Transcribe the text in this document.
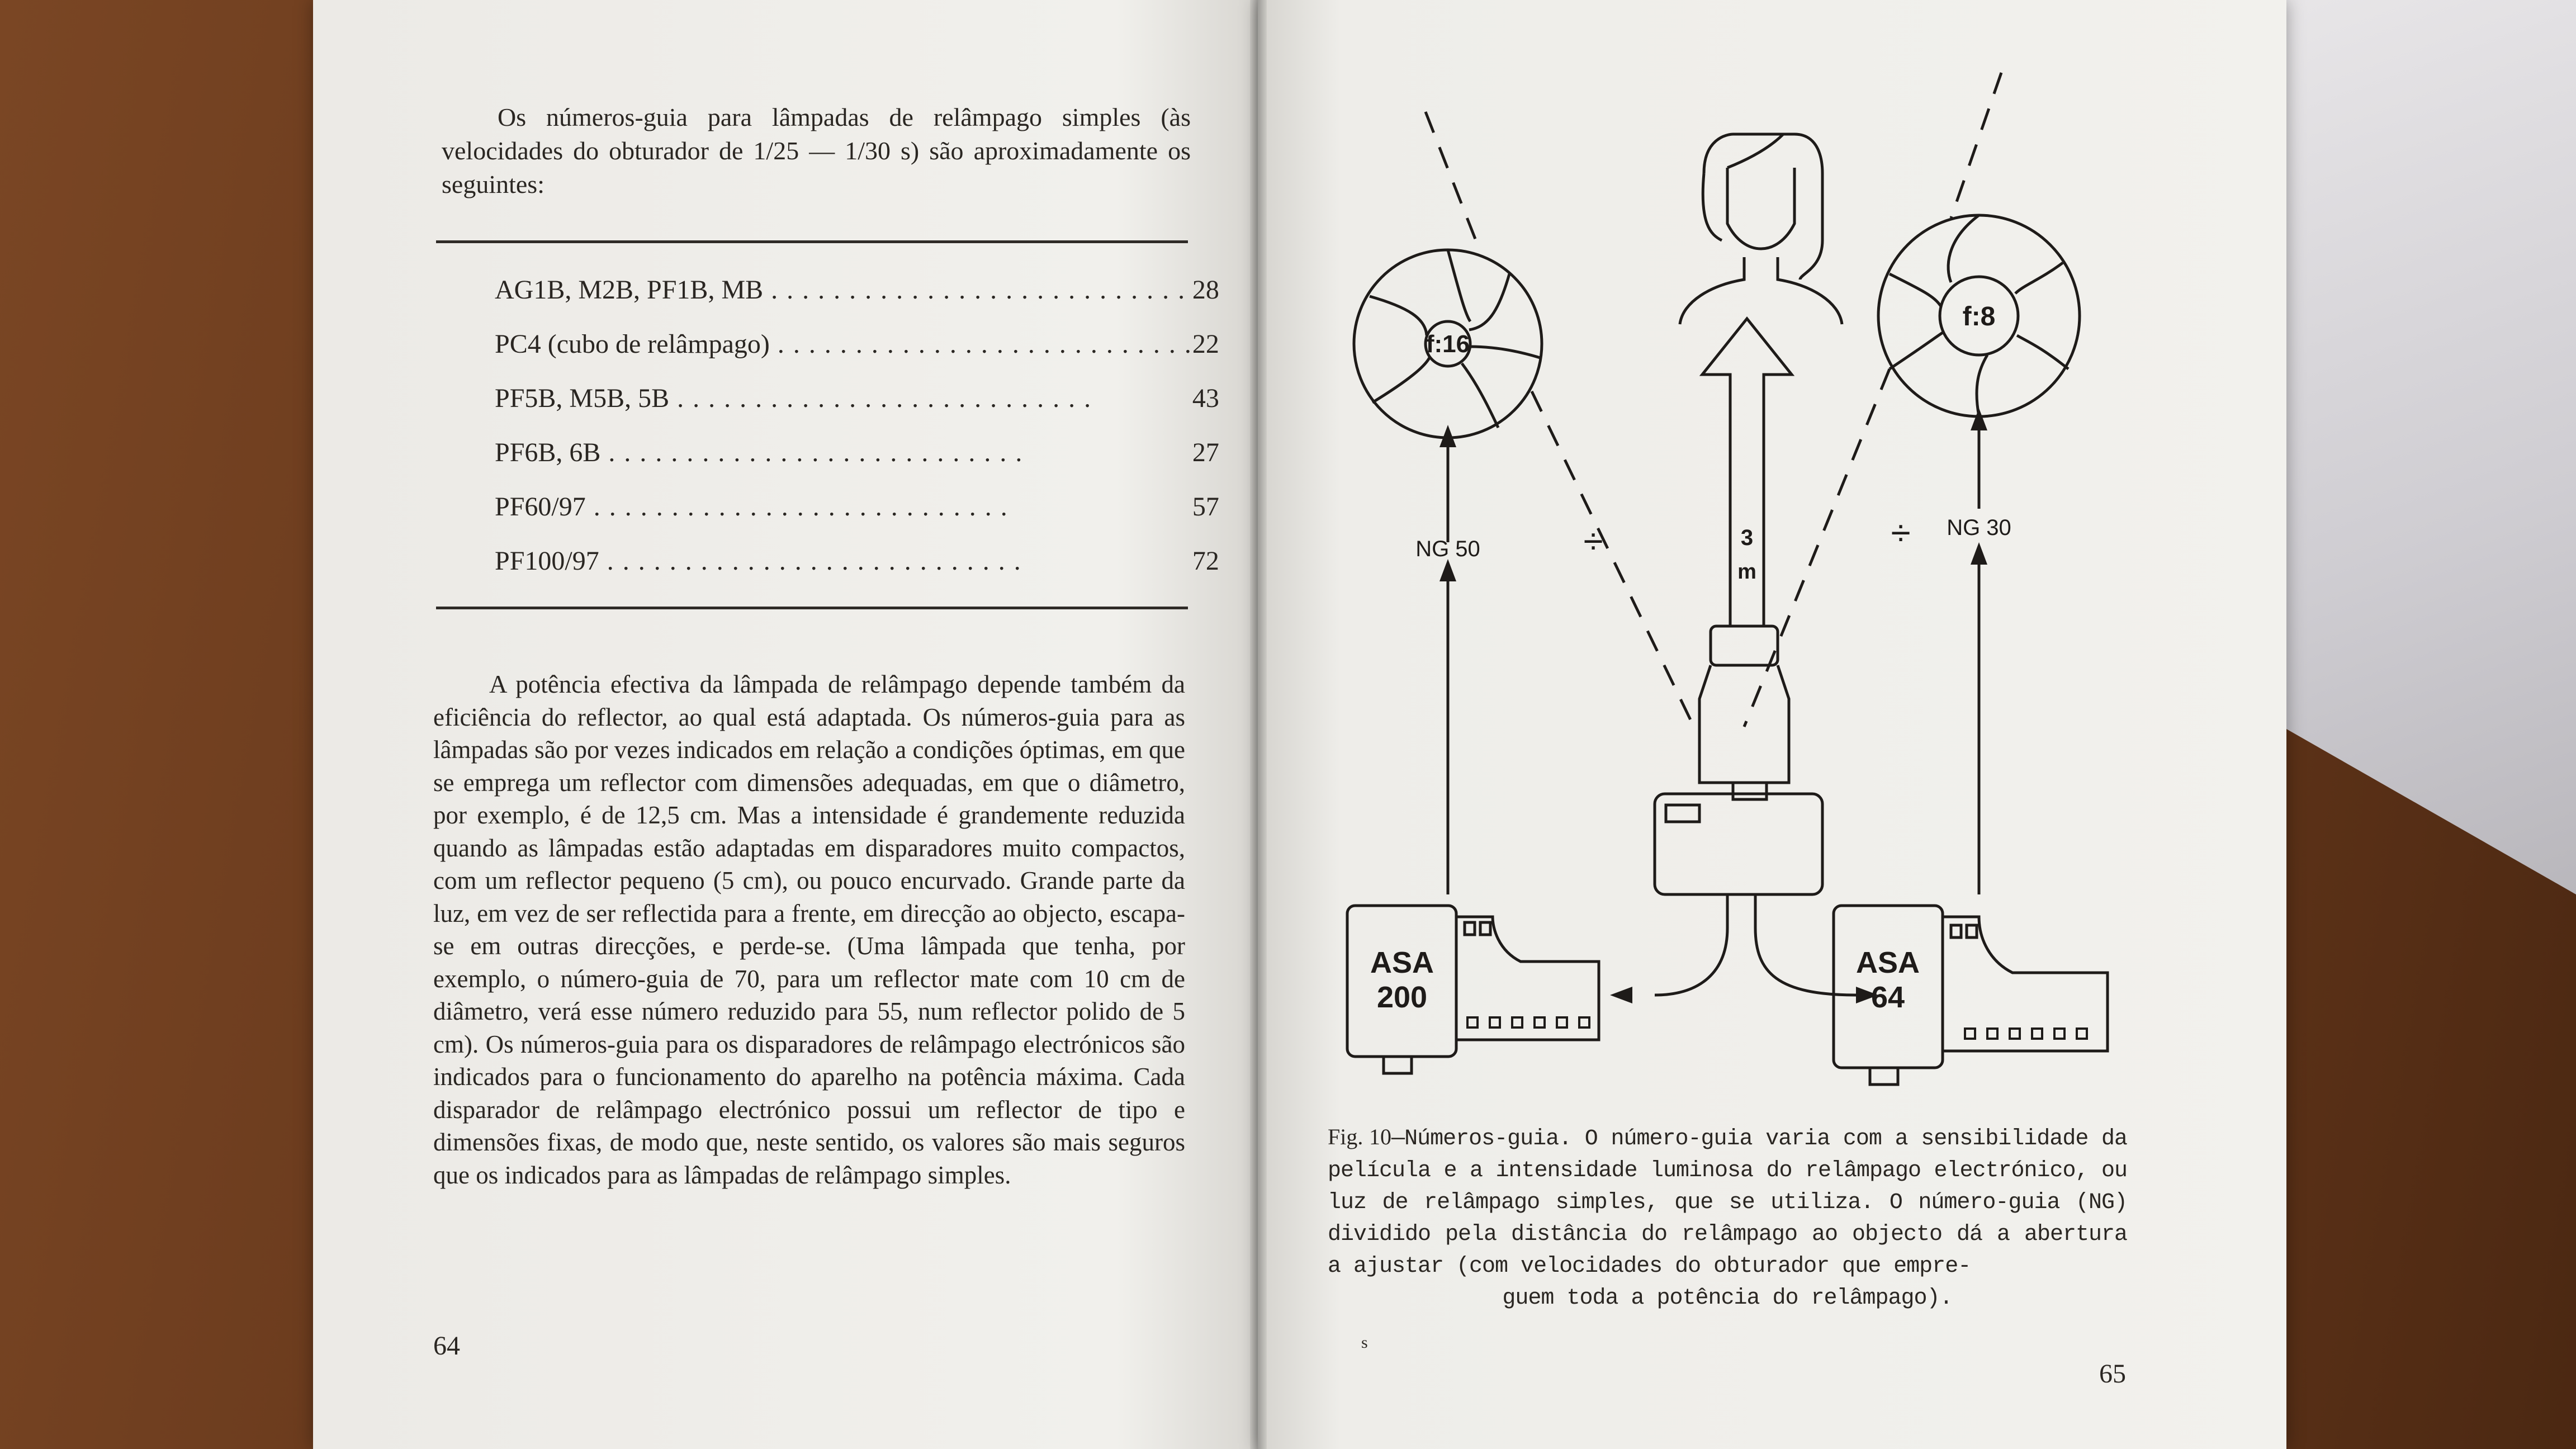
Os números-guia para lâmpadas de relâmpago simples (às velocidades do obturador de 1/25 — 1/30 s) são aproximadamente os seguintes:

AG1B, M2B, PF1B, MB . . .	28
PC4 (cubo de relâmpago) . . .	22
PF5B, M5B, 5B . . .	43
PF6B, 6B . . .	27
PF60/97 . . .	57
PF100/97 . . .	72

A potência efectiva da lâmpada de relâmpago depende também da eficiência do reflector, ao qual está adaptada. Os números-guia para as lâmpadas são por vezes indicados em relação a condições óptimas, em que se emprega um reflector com dimensões adequadas, em que o diâmetro, por exemplo, é de 12,5 cm. Mas a intensidade é grandemente reduzida quando as lâmpadas estão adaptadas em disparadores muito compactos, com um reflector pequeno (5 cm), ou pouco encurvado. Grande parte da luz, em vez de ser reflectida para a frente, em direcção ao objecto, escapa-se em outras direcções, e perde-se. (Uma lâmpada que tenha, por exemplo, o número-guia de 70, para um reflector mate com 10 cm de diâmetro, verá esse número reduzido para 55, num reflector polido de 5 cm). Os números-guia para os disparadores de relâmpago electrónicos são indicados para o funcionamento do aparelho na potência máxima. Cada disparador de relâmpago electrónico possui um reflector de tipo e dimensões fixas, de modo que, neste sentido, os valores são mais seguros que os indicados para as lâmpadas de relâmpago simples.

64
f:16
f:8
NG 50
NG 30
÷	÷
3
m
ASA
200
ASA
64

Fig. 10—Números-guia. O número-guia varia com a sensibilidade da película e a intensidade luminosa do relâmpago electrónico, ou luz de relâmpago simples, que se utiliza. O número-guia (NG) dividido pela distância do relâmpago ao objecto dá a abertura a ajustar (com velocidades do obturador que empre-
guem toda a potência do relâmpago).

s
65
